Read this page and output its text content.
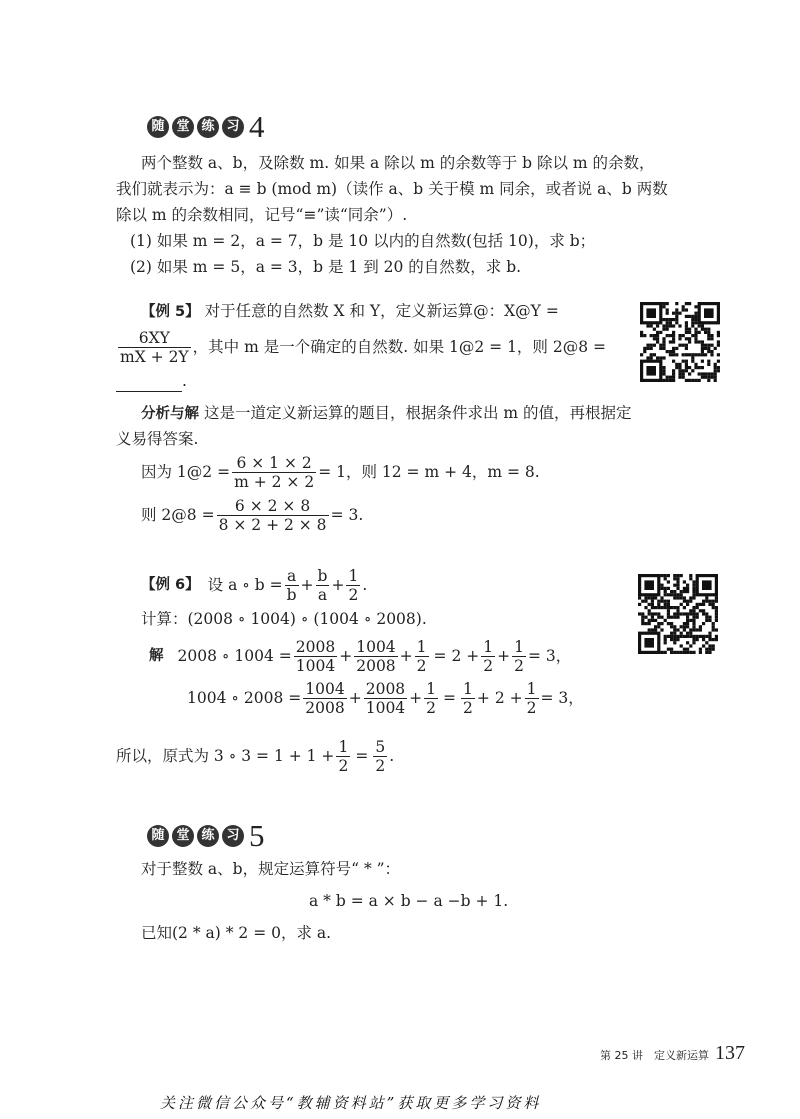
随 堂 练 习 4
两个整数 a、b，及除数 m. 如果 a 除以 m 的余数等于 b 除以 m 的余数，
我们就表示为：a ≡ b (mod m)（读作 a、b 关于模 m 同余，或者说 a、b 两数
除以 m 的余数相同，记号“≡”读“同余”）.
(1) 如果 m = 2，a = 7，b 是 10 以内的自然数(包括 10)，求 b；
(2) 如果 m = 5，a = 3，b 是 1 到 20 的自然数，求 b.
【例 5】 对于任意的自然数 X 和 Y，定义新运算@：X@Y =
$\frac{6XY}{mX + 2Y}$ ，其中 m 是一个确定的自然数. 如果 1@2 = 1，则 2@8 =
.
分析与解 这是一道定义新运算的题目，根据条件求出 m 的值，再根据定
义易得答案.
因为 1@2 = $\frac{6 \times 1 \times 2}{m + 2 \times 2} = 1$，则 12 = m + 4，m = 8.
则 2@8 = $\frac{6 \times 2 \times 8}{8 \times 2 + 2 \times 8} = 3$.
【例 6】 设 a ∘ $b = \frac{a}{b} + \frac{b}{a} + \frac{1}{2}$ .
计算：(2008 ∘ 1004) ∘ (1004 ∘ 2008).
解 2008 ∘ $1004 = \frac{2008}{1004} + \frac{1004}{2008} + \frac{1}{2} = 2 + \frac{1}{2} + \frac{1}{2} = 3$，
1004 ∘ $2008 = \frac{1004}{2008} + \frac{2008}{1004} + \frac{1}{2} = \frac{1}{2} + 2 + \frac{1}{2} = 3$，
所以，原式为 3 ∘ $3 = 1 + 1 + \frac{1}{2} = \frac{5}{2}$ .
随 堂 练 习 5
对于整数 a、b，规定运算符号“ * ”：
a * b = a × b − a −b + 1.
已知(2 * a) * 2 = 0，求 a.
第 25 讲　定义新运算 137
关注微信公众号“教辅资料站”获取更多学习资料
